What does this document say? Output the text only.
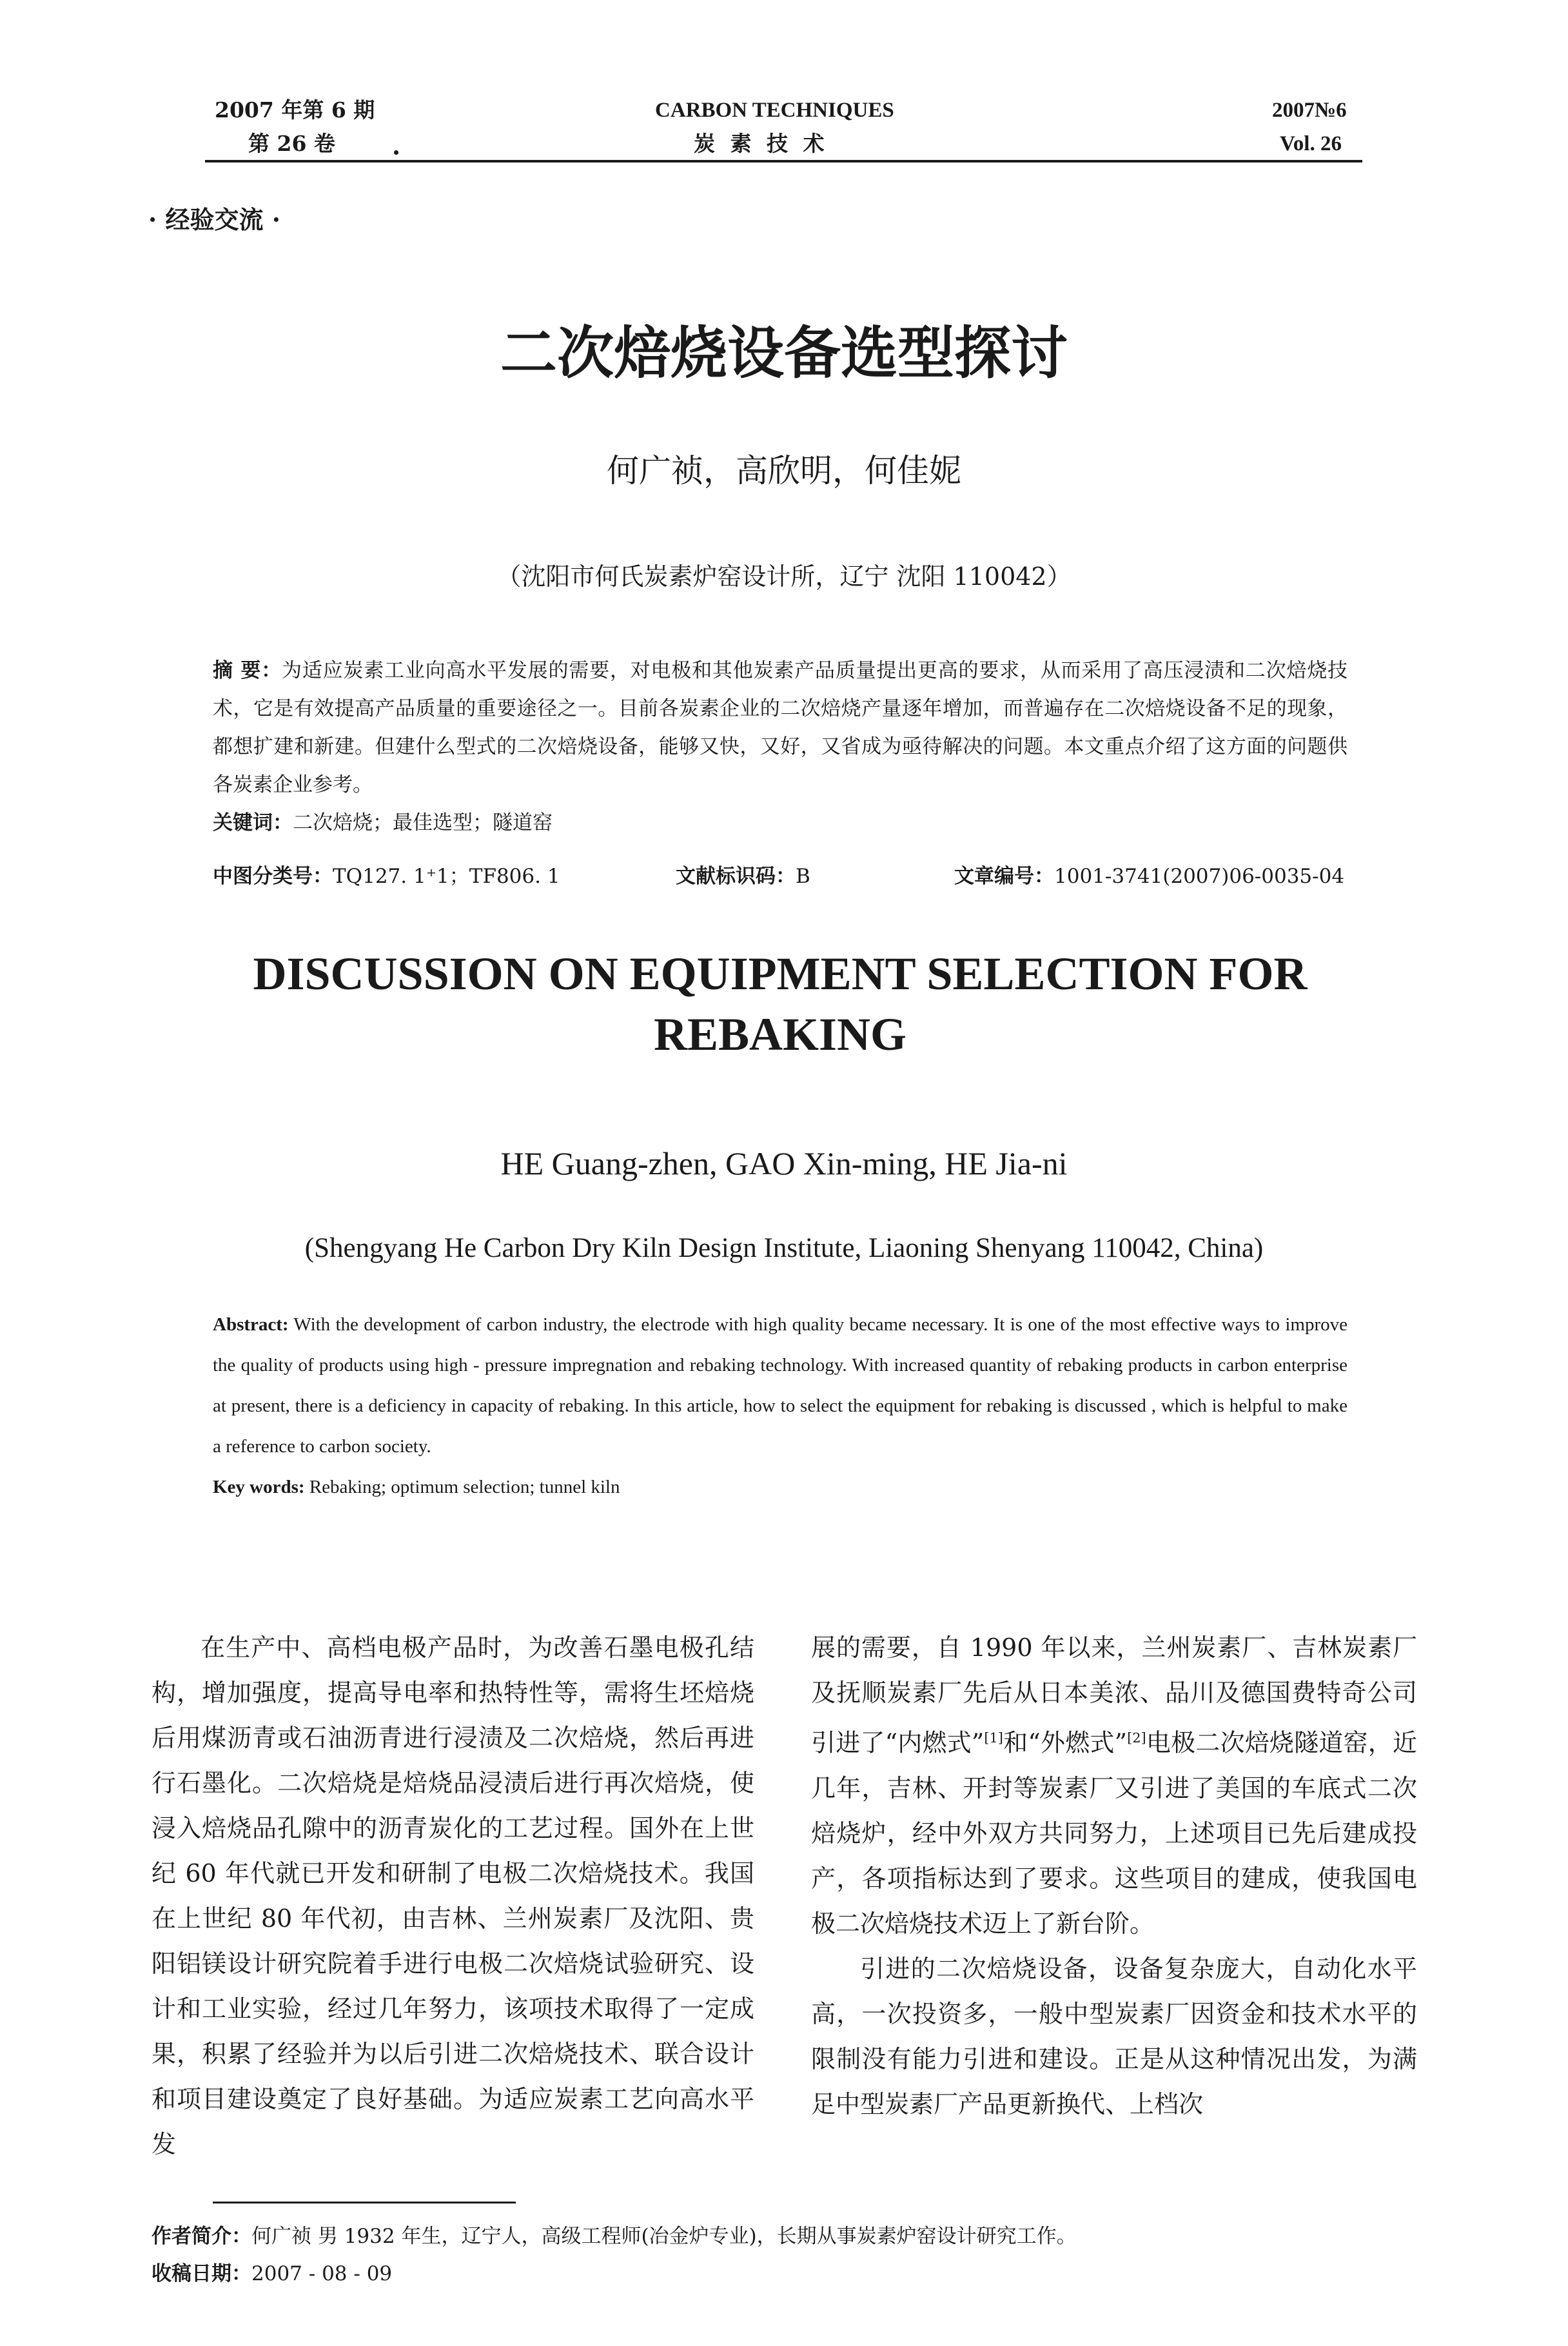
2007 年第 6 期
第 26 卷
CARBON TECHNIQUES
炭 素 技 术
2007№6
Vol. 26
· 经验交流 ·
二次焙烧设备选型探讨
何广祯，高欣明，何佳妮
（沈阳市何氏炭素炉窑设计所，辽宁 沈阳 110042）
摘 要：为适应炭素工业向高水平发展的需要，对电极和其他炭素产品质量提出更高的要求，从而采用了高压浸渍和二次焙烧技术，它是有效提高产品质量的重要途径之一。目前各炭素企业的二次焙烧产量逐年增加，而普遍存在二次焙烧设备不足的现象，都想扩建和新建。但建什么型式的二次焙烧设备，能够又快，又好，又省成为亟待解决的问题。本文重点介绍了这方面的问题供各炭素企业参考。
关键词：二次焙烧；最佳选型；隧道窑
中图分类号：TQ127. 1⁺1；TF806. 1	文献标识码：B	文章编号：1001-3741(2007)06-0035-04
DISCUSSION ON EQUIPMENT SELECTION FOR REBAKING
HE Guang-zhen, GAO Xin-ming, HE Jia-ni
(Shengyang He Carbon Dry Kiln Design Institute, Liaoning Shenyang 110042, China)
Abstract: With the development of carbon industry, the electrode with high quality became necessary. It is one of the most effective ways to improve the quality of products using high - pressure impregnation and rebaking technology. With increased quantity of rebaking products in carbon enterprise at present, there is a deficiency in capacity of rebaking. In this article, how to select the equipment for rebaking is discussed , which is helpful to make a reference to carbon society.
Key words: Rebaking; optimum selection; tunnel kiln

在生产中、高档电极产品时，为改善石墨电极孔结构，增加强度，提高导电率和热特性等，需将生坯焙烧后用煤沥青或石油沥青进行浸渍及二次焙烧，然后再进行石墨化。二次焙烧是焙烧品浸渍后进行再次焙烧，使浸入焙烧品孔隙中的沥青炭化的工艺过程。国外在上世纪 60 年代就已开发和研制了电极二次焙烧技术。我国在上世纪 80 年代初，由吉林、兰州炭素厂及沈阳、贵阳铝镁设计研究院着手进行电极二次焙烧试验研究、设计和工业实验，经过几年努力，该项技术取得了一定成果，积累了经验并为以后引进二次焙烧技术、联合设计和项目建设奠定了良好基础。为适应炭素工艺向高水平发

展的需要，自 1990 年以来，兰州炭素厂、吉林炭素厂及抚顺炭素厂先后从日本美浓、品川及德国费特奇公司引进了“内燃式”[1]和“外燃式”[2]电极二次焙烧隧道窑，近几年，吉林、开封等炭素厂又引进了美国的车底式二次焙烧炉，经中外双方共同努力，上述项目已先后建成投产，各项指标达到了要求。这些项目的建成，使我国电极二次焙烧技术迈上了新台阶。

引进的二次焙烧设备，设备复杂庞大，自动化水平高，一次投资多，一般中型炭素厂因资金和技术水平的限制没有能力引进和建设。正是从这种情况出发，为满足中型炭素厂产品更新换代、上档次

作者简介：何广祯 男 1932 年生，辽宁人，高级工程师(冶金炉专业)，长期从事炭素炉窑设计研究工作。
收稿日期：2007 - 08 - 09
